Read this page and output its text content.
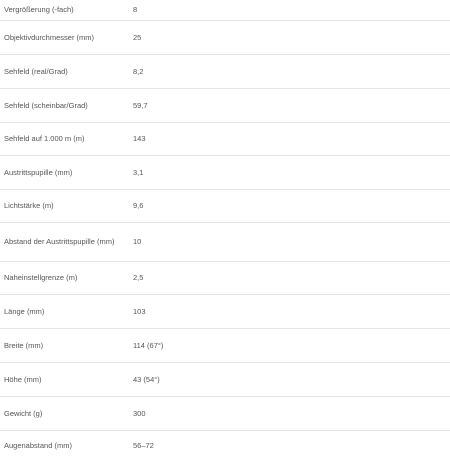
Vergrößerung (-fach)	8
Objektivdurchmesser (mm)	25
Sehfeld (real/Grad)	8,2
Sehfeld (scheinbar/Grad)	59,7
Sehfeld auf 1.000 m (m)	143
Austrittspupille (mm)	3,1
Lichtstärke (m)	9,6
Abstand der Austrittspupille (mm)	10
Naheinstellgrenze (m)	2,5
Länge (mm)	103
Breite (mm)	114 (67°)
Höhe (mm)	43 (54°)
Gewicht (g)	300
Augenabstand (mm)	56–72
